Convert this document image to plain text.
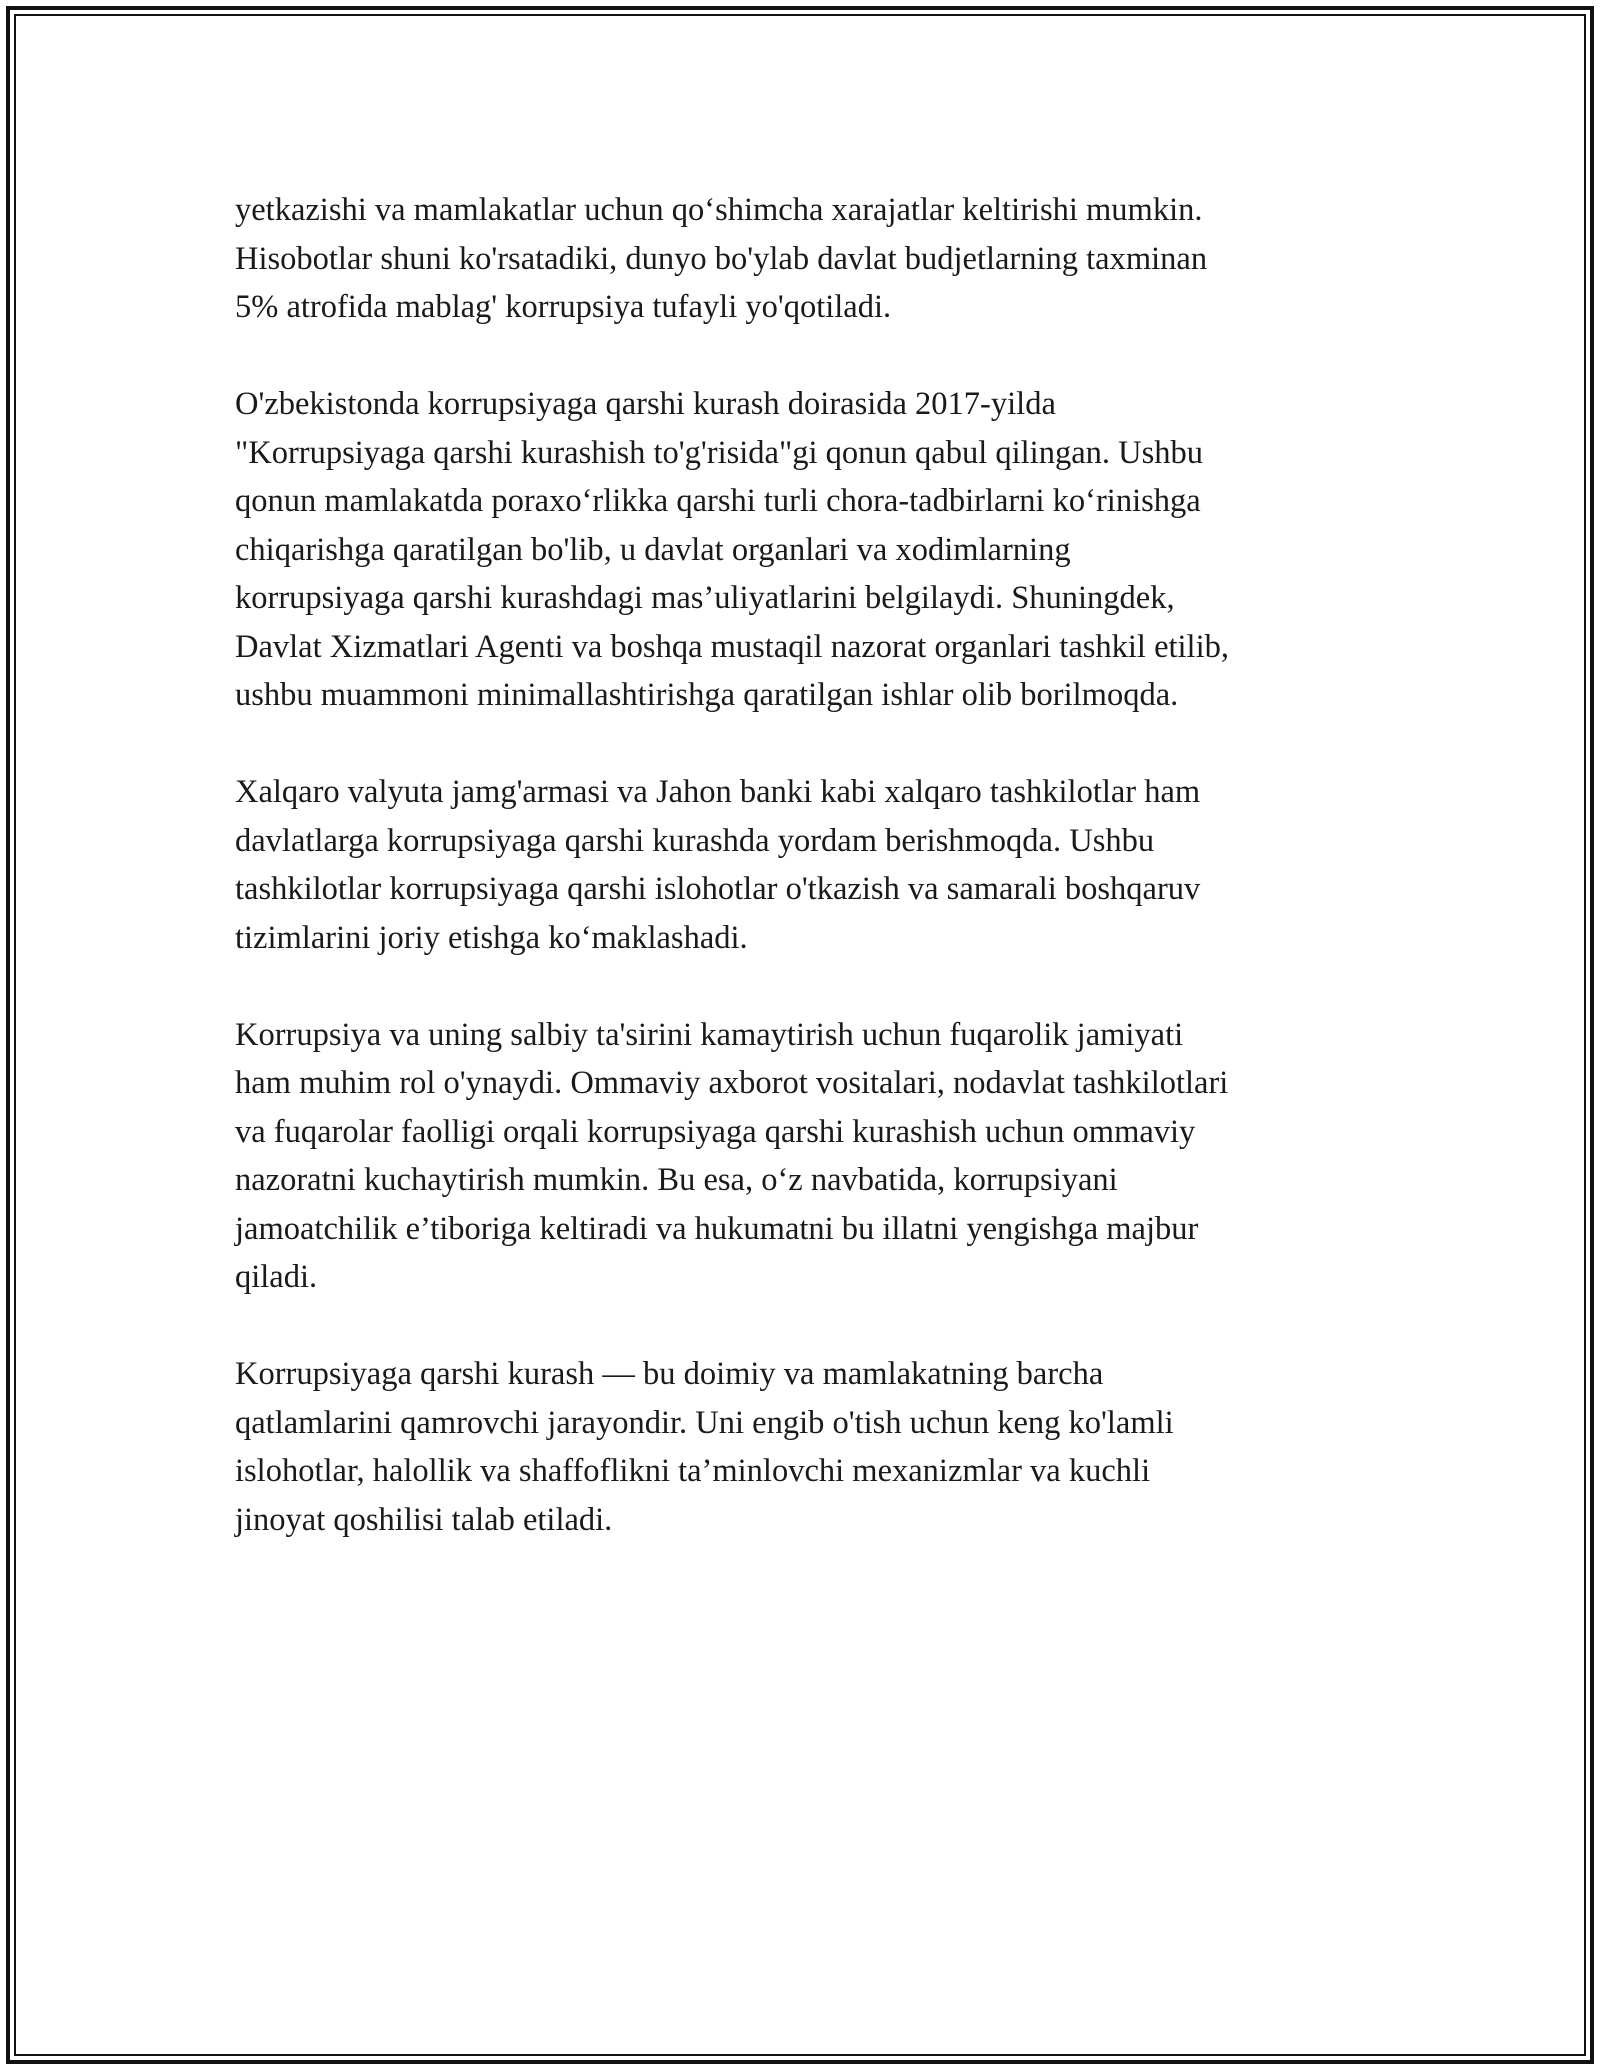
yetkazishi va mamlakatlar uchun qo‘shimcha xarajatlar keltirishi mumkin.
Hisobotlar shuni ko'rsatadiki, dunyo bo'ylab davlat budjetlarning taxminan
5% atrofida mablag' korrupsiya tufayli yo'qotiladi.

O'zbekistonda korrupsiyaga qarshi kurash doirasida 2017-yilda
"Korrupsiyaga qarshi kurashish to'g'risida"gi qonun qabul qilingan. Ushbu
qonun mamlakatda poraxo‘rlikka qarshi turli chora-tadbirlarni ko‘rinishga
chiqarishga qaratilgan bo'lib, u davlat organlari va xodimlarning
korrupsiyaga qarshi kurashdagi mas’uliyatlarini belgilaydi. Shuningdek,
Davlat Xizmatlari Agenti va boshqa mustaqil nazorat organlari tashkil etilib,
ushbu muammoni minimallashtirishga qaratilgan ishlar olib borilmoqda.

Xalqaro valyuta jamg'armasi va Jahon banki kabi xalqaro tashkilotlar ham
davlatlarga korrupsiyaga qarshi kurashda yordam berishmoqda. Ushbu
tashkilotlar korrupsiyaga qarshi islohotlar o'tkazish va samarali boshqaruv
tizimlarini joriy etishga ko‘maklashadi.

Korrupsiya va uning salbiy ta'sirini kamaytirish uchun fuqarolik jamiyati
ham muhim rol o'ynaydi. Ommaviy axborot vositalari, nodavlat tashkilotlari
va fuqarolar faolligi orqali korrupsiyaga qarshi kurashish uchun ommaviy
nazoratni kuchaytirish mumkin. Bu esa, o‘z navbatida, korrupsiyani
jamoatchilik e’tiboriga keltiradi va hukumatni bu illatni yengishga majbur
qiladi.

Korrupsiyaga qarshi kurash — bu doimiy va mamlakatning barcha
qatlamlarini qamrovchi jarayondir. Uni engib o'tish uchun keng ko'lamli
islohotlar, halollik va shaffoflikni ta’minlovchi mexanizmlar va kuchli
jinoyat qoshilisi talab etiladi.
